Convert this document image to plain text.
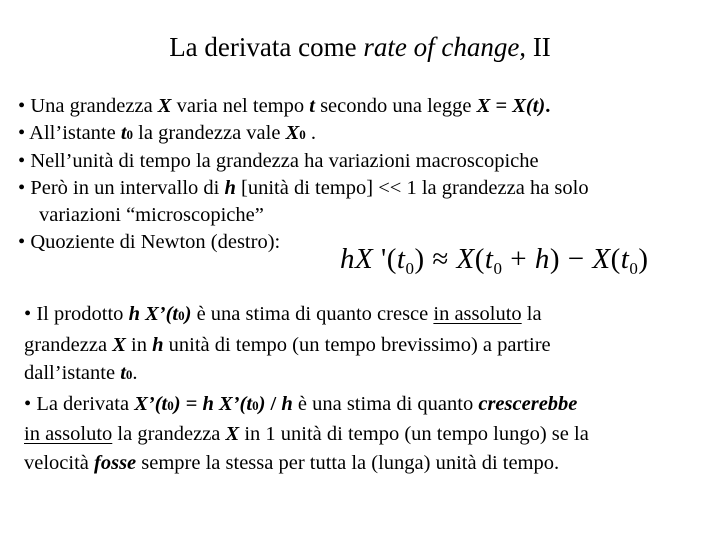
La derivata come rate of change, II
• Una grandezza X varia nel tempo t secondo una legge X = X(t).
• All’istante t0 la grandezza vale X0 .
• Nell’unità di tempo la grandezza ha variazioni macroscopiche
• Però in un intervallo di h [unità di tempo] << 1 la grandezza ha solo
variazioni “microscopiche”
• Quoziente di Newton (destro):
hX '$(t_0) \approx X(t_0 + h) - X(t_0)$
• Il prodotto h X’(t0) è una stima di quanto cresce in assoluto la
grandezza X in h unità di tempo (un tempo brevissimo) a partire
dall’istante t0.
• La derivata X’(t0) = h X’(t0) / h è una stima di quanto crescerebbe
in assoluto la grandezza X in 1 unità di tempo (un tempo lungo) se la
velocità fosse sempre la stessa per tutta la (lunga) unità di tempo.
